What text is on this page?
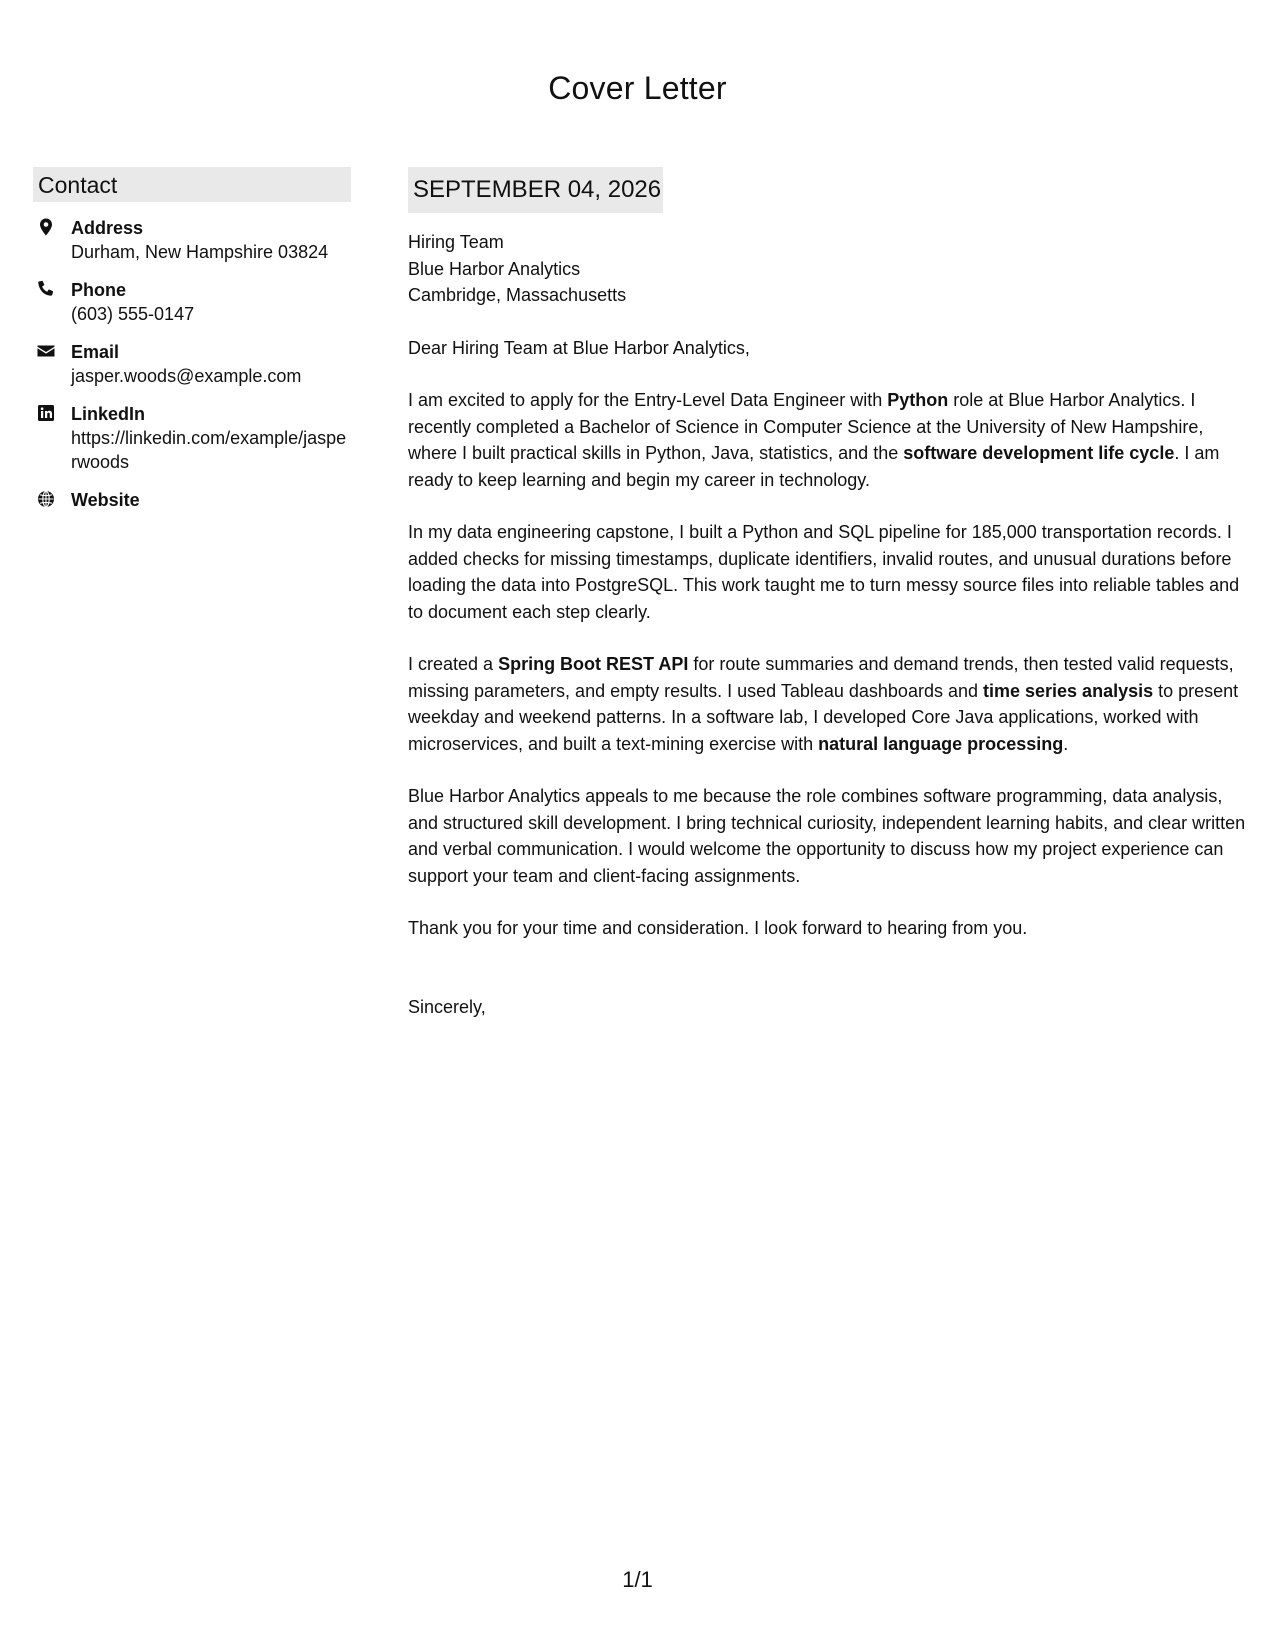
Cover Letter
Contact
Address
Durham, New Hampshire 03824
Phone
(603) 555-0147
Email
jasper.woods@example.com
LinkedIn
https://linkedin.com/example/jasperwoods
Website
SEPTEMBER 04, 2026

Hiring Team

Blue Harbor Analytics

Cambridge, Massachusetts

Dear Hiring Team at Blue Harbor Analytics,

I am excited to apply for the Entry-Level Data Engineer with Python role at Blue Harbor Analytics. I recently completed a Bachelor of Science in Computer Science at the University of New Hampshire, where I built practical skills in Python, Java, statistics, and the software development life cycle. I am ready to keep learning and begin my career in technology.

In my data engineering capstone, I built a Python and SQL pipeline for 185,000 transportation records. I added checks for missing timestamps, duplicate identifiers, invalid routes, and unusual durations before loading the data into PostgreSQL. This work taught me to turn messy source files into reliable tables and to document each step clearly.

I created a Spring Boot REST API for route summaries and demand trends, then tested valid requests, missing parameters, and empty results. I used Tableau dashboards and time series analysis to present weekday and weekend patterns. In a software lab, I developed Core Java applications, worked with microservices, and built a text-mining exercise with natural language processing.

Blue Harbor Analytics appeals to me because the role combines software programming, data analysis, and structured skill development. I bring technical curiosity, independent learning habits, and clear written and verbal communication. I would welcome the opportunity to discuss how my project experience can support your team and client-facing assignments.

Thank you for your time and consideration. I look forward to hearing from you.

Sincerely,

1/1
